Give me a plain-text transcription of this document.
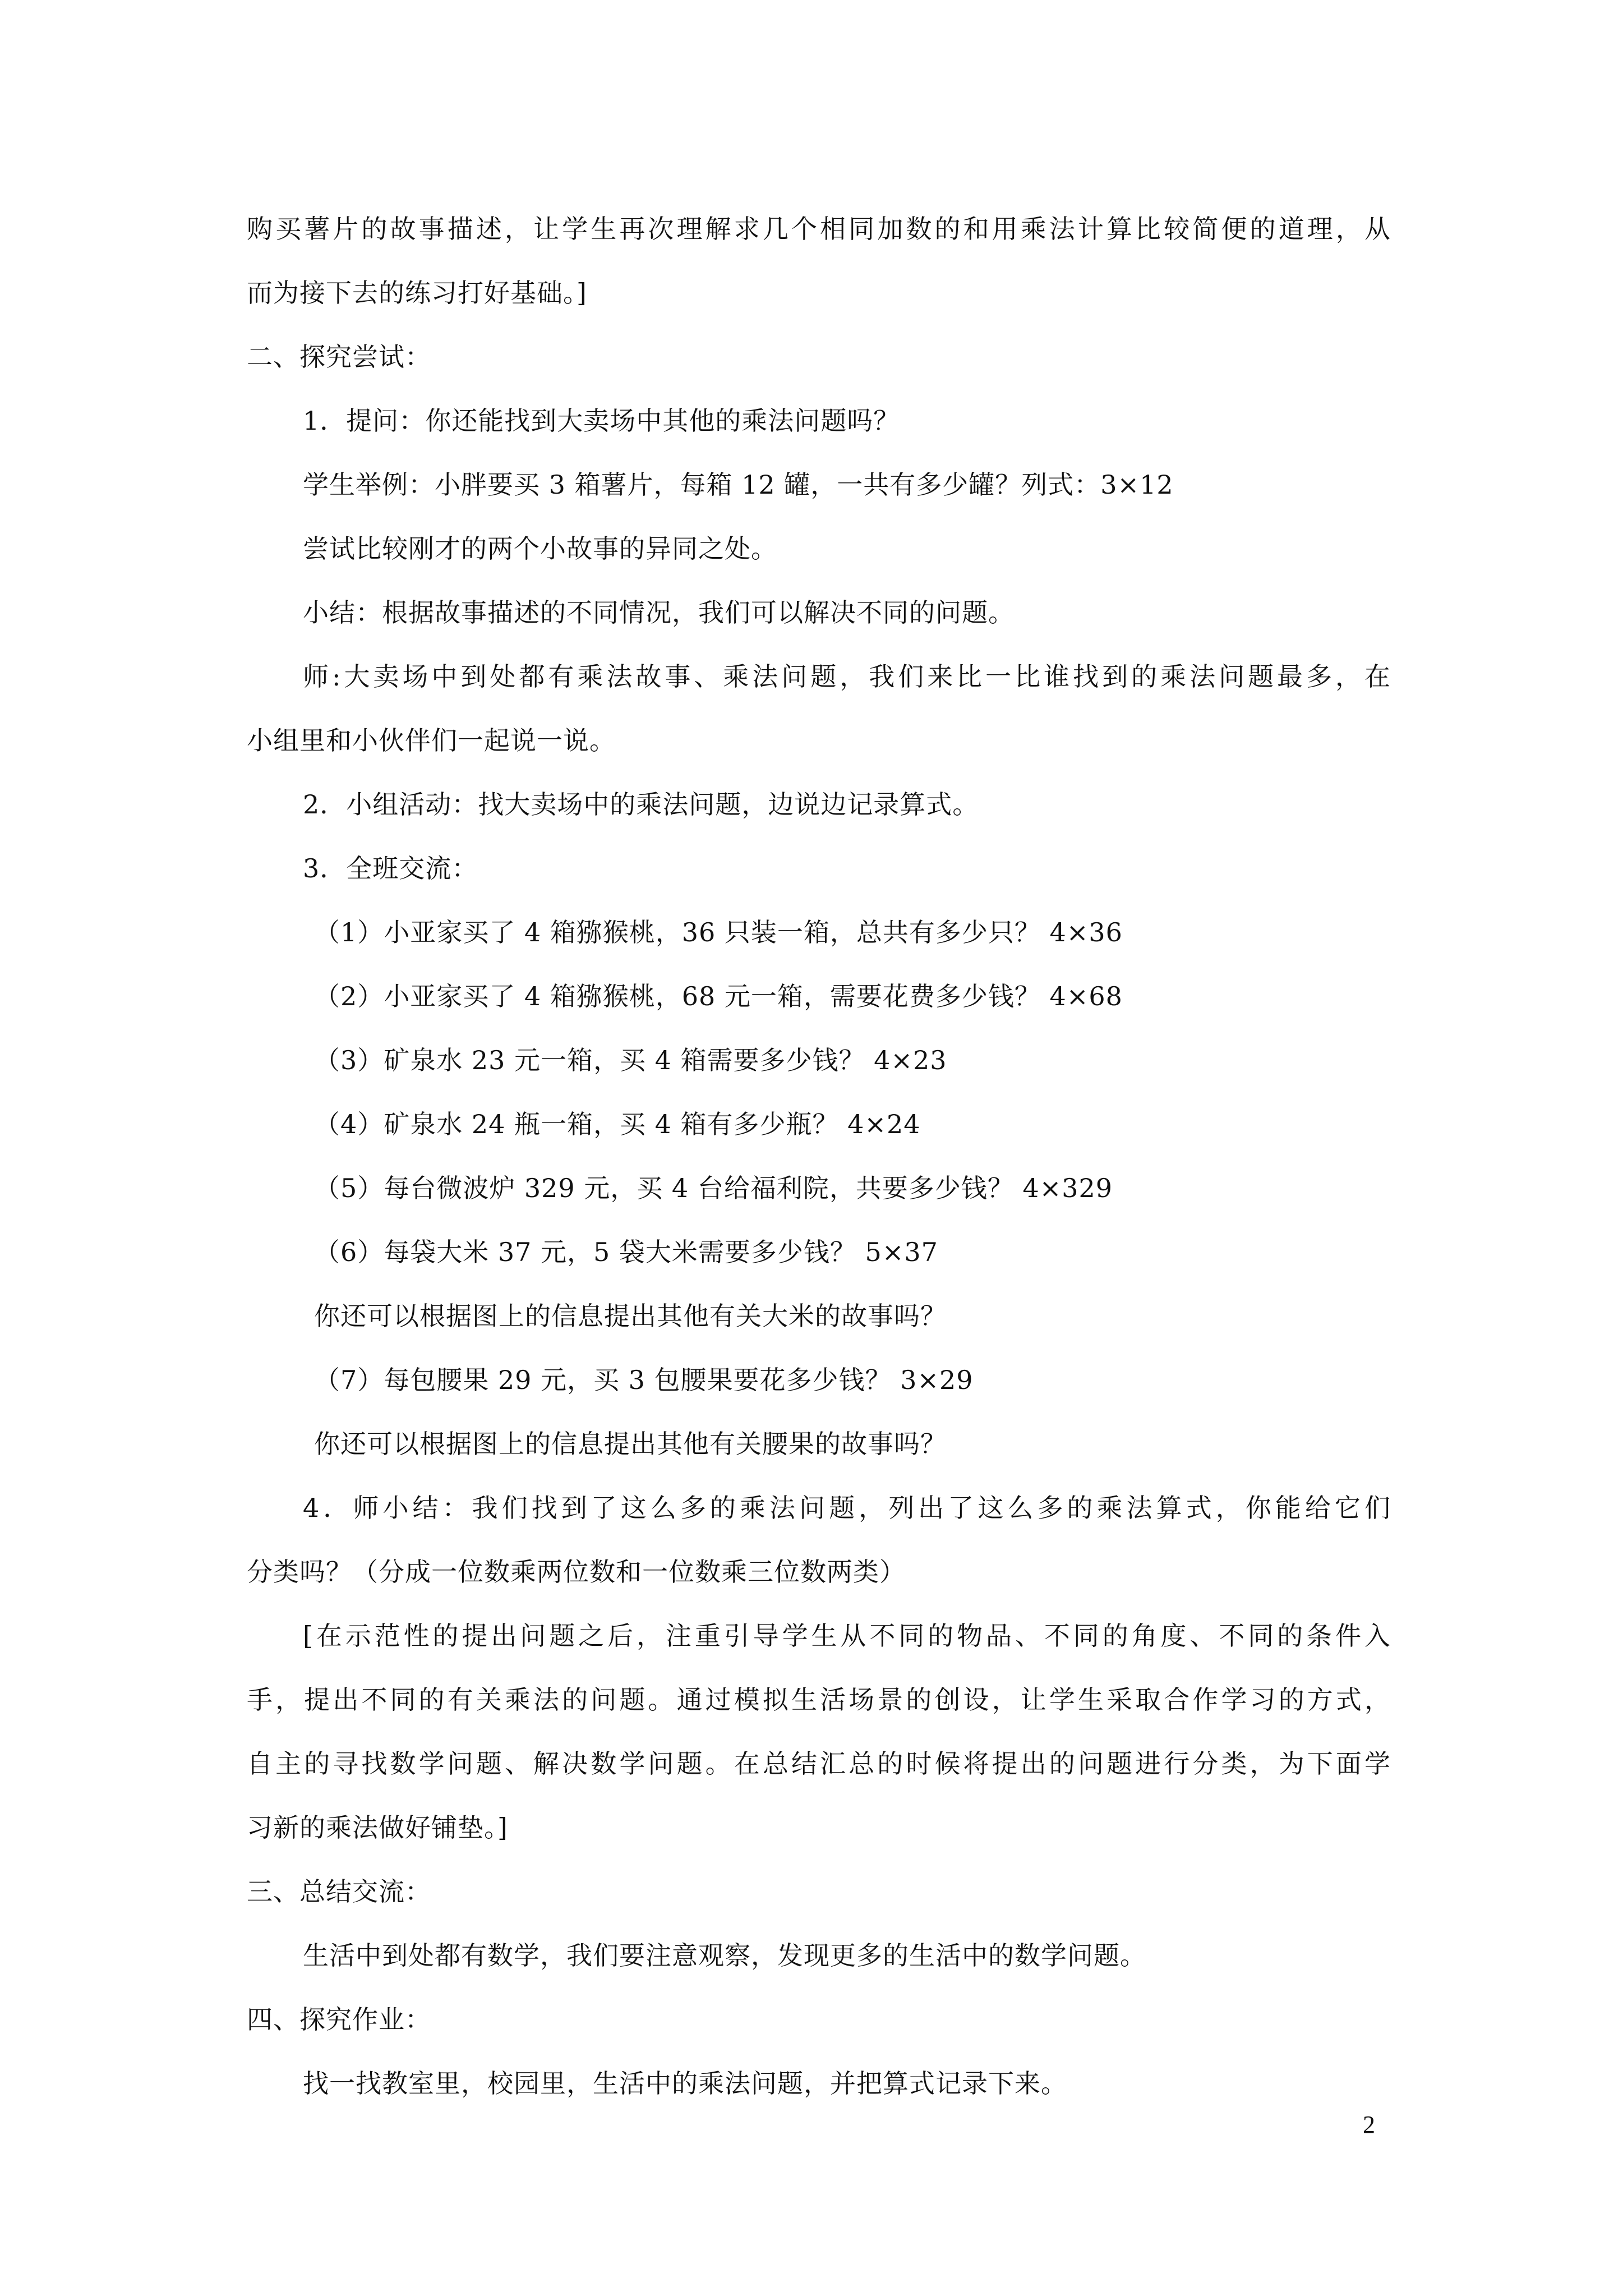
购买薯片的故事描述，让学生再次理解求几个相同加数的和用乘法计算比较简便的道理，从
而为接下去的练习打好基础。]
二、探究尝试：
1．提问：你还能找到大卖场中其他的乘法问题吗？
学生举例：小胖要买 3 箱薯片，每箱 12 罐，一共有多少罐？列式：3×12
尝试比较刚才的两个小故事的异同之处。
小结：根据故事描述的不同情况，我们可以解决不同的问题。
师:大卖场中到处都有乘法故事、乘法问题，我们来比一比谁找到的乘法问题最多，在
小组里和小伙伴们一起说一说。
2．小组活动：找大卖场中的乘法问题，边说边记录算式。
3．全班交流：
（1）小亚家买了 4 箱猕猴桃，36 只装一箱，总共有多少只？ 4×36
（2）小亚家买了 4 箱猕猴桃，68 元一箱，需要花费多少钱？ 4×68
（3）矿泉水 23 元一箱，买 4 箱需要多少钱？ 4×23
（4）矿泉水 24 瓶一箱，买 4 箱有多少瓶？ 4×24
（5）每台微波炉 329 元，买 4 台给福利院，共要多少钱？ 4×329
（6）每袋大米 37 元，5 袋大米需要多少钱？ 5×37
你还可以根据图上的信息提出其他有关大米的故事吗？
（7）每包腰果 29 元，买 3 包腰果要花多少钱？ 3×29
你还可以根据图上的信息提出其他有关腰果的故事吗？
4．师小结：我们找到了这么多的乘法问题，列出了这么多的乘法算式，你能给它们
分类吗？（分成一位数乘两位数和一位数乘三位数两类）
[在示范性的提出问题之后，注重引导学生从不同的物品、不同的角度、不同的条件入
手，提出不同的有关乘法的问题。通过模拟生活场景的创设，让学生采取合作学习的方式，
自主的寻找数学问题、解决数学问题。在总结汇总的时候将提出的问题进行分类，为下面学
习新的乘法做好铺垫。]
三、总结交流：
生活中到处都有数学，我们要注意观察，发现更多的生活中的数学问题。
四、探究作业：
找一找教室里，校园里，生活中的乘法问题，并把算式记录下来。
2
